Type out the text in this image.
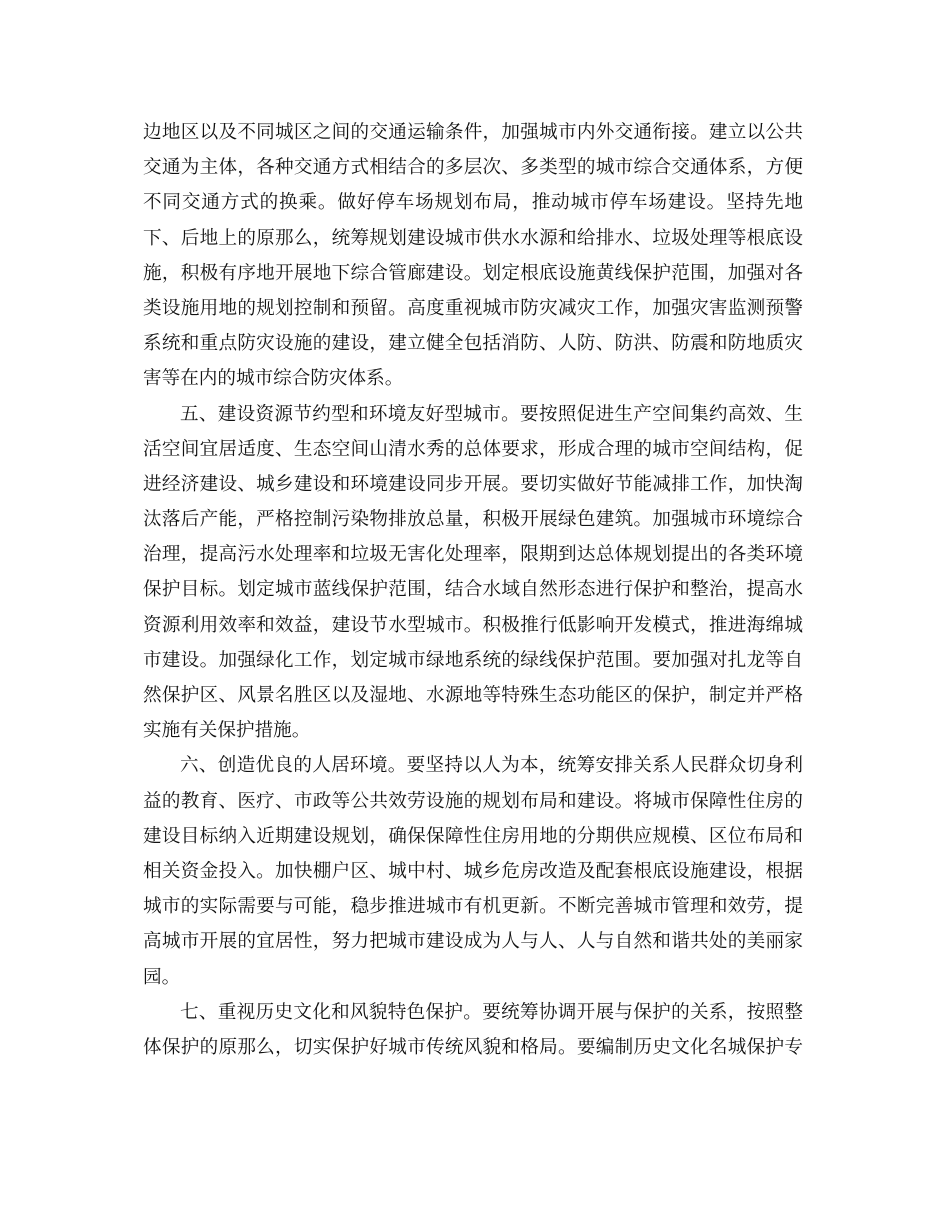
边地区以及不同城区之间的交通运输条件，加强城市内外交通衔接。建立以公共
交通为主体，各种交通方式相结合的多层次、多类型的城市综合交通体系，方便
不同交通方式的换乘。做好停车场规划布局，推动城市停车场建设。坚持先地
下、后地上的原那么，统筹规划建设城市供水水源和给排水、垃圾处理等根底设
施，积极有序地开展地下综合管廊建设。划定根底设施黄线保护范围，加强对各
类设施用地的规划控制和预留。高度重视城市防灾减灾工作，加强灾害监测预警
系统和重点防灾设施的建设，建立健全包括消防、人防、防洪、防震和防地质灾
害等在内的城市综合防灾体系。
五、建设资源节约型和环境友好型城市。要按照促进生产空间集约高效、生
活空间宜居适度、生态空间山清水秀的总体要求，形成合理的城市空间结构，促
进经济建设、城乡建设和环境建设同步开展。要切实做好节能减排工作，加快淘
汰落后产能，严格控制污染物排放总量，积极开展绿色建筑。加强城市环境综合
治理，提高污水处理率和垃圾无害化处理率，限期到达总体规划提出的各类环境
保护目标。划定城市蓝线保护范围，结合水域自然形态进行保护和整治，提高水
资源利用效率和效益，建设节水型城市。积极推行低影响开发模式，推进海绵城
市建设。加强绿化工作，划定城市绿地系统的绿线保护范围。要加强对扎龙等自
然保护区、风景名胜区以及湿地、水源地等特殊生态功能区的保护，制定并严格
实施有关保护措施。
六、创造优良的人居环境。要坚持以人为本，统筹安排关系人民群众切身利
益的教育、医疗、市政等公共效劳设施的规划布局和建设。将城市保障性住房的
建设目标纳入近期建设规划，确保保障性住房用地的分期供应规模、区位布局和
相关资金投入。加快棚户区、城中村、城乡危房改造及配套根底设施建设，根据
城市的实际需要与可能，稳步推进城市有机更新。不断完善城市管理和效劳，提
高城市开展的宜居性，努力把城市建设成为人与人、人与自然和谐共处的美丽家
园。
七、重视历史文化和风貌特色保护。要统筹协调开展与保护的关系，按照整
体保护的原那么，切实保护好城市传统风貌和格局。要编制历史文化名城保护专
